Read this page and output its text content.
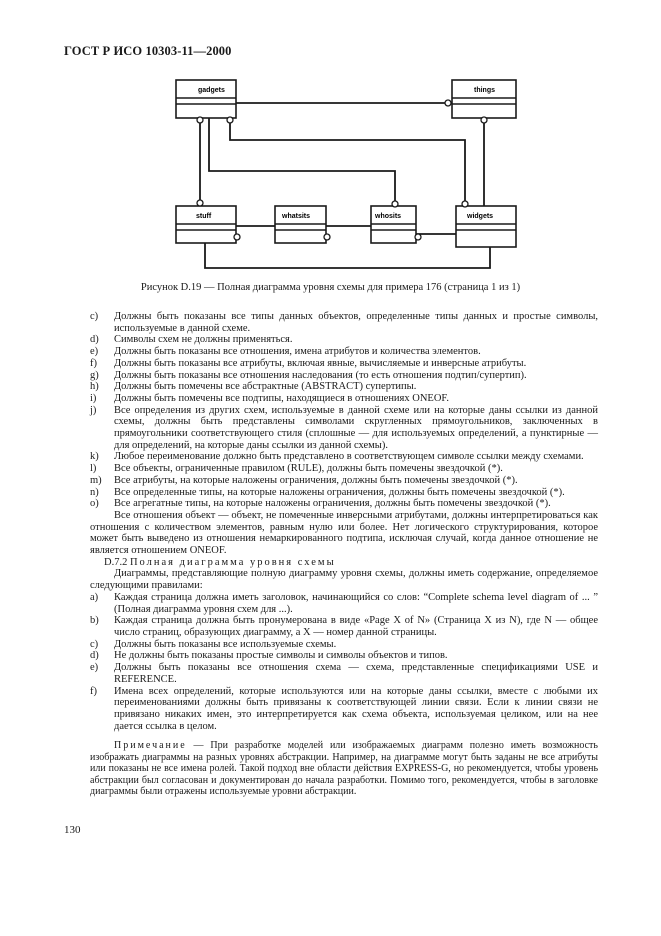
ГОСТ Р ИСО 10303-11—2000
gadgets	things
stuff	whatsits	whosits	widgets
Рисунок D.19 — Полная диаграмма уровня схемы для примера 176 (страница 1 из 1)
c)	Должны быть показаны все типы данных объектов, определенные типы данных и простые символы, используемые в данной схеме.
d)	Символы схем не должны применяться.
e)	Должны быть показаны все отношения, имена атрибутов и количества элементов.
f)	Должны быть показаны все атрибуты, включая явные, вычисляемые и инверсные атрибуты.
g)	Должны быть показаны все отношения наследования (то есть отношения подтип/супертип).
h)	Должны быть помечены все абстрактные (ABSTRACT) супертипы.
i)	Должны быть помечены все подтипы, находящиеся в отношениях ONEOF.
j)	Все определения из других схем, используемые в данной схеме или на которые даны ссылки из данной схемы, должны быть представлены символами скругленных прямоугольников, заключенных в прямоугольники соответствующего стиля (сплошные — для используемых определений, а пунктирные — для определений, на которые даны ссылки из данной схемы).
k)	Любое переименование должно быть представлено в соответствующем символе ссылки между схемами.
l)	Все объекты, ограниченные правилом (RULE), должны быть помечены звездочкой (*).
m)	Все атрибуты, на которые наложены ограничения, должны быть помечены звездочкой (*).
n)	Все определенные типы, на которые наложены ограничения, должны быть помечены звездочкой (*).
o)	Все агрегатные типы, на которые наложены ограничения, должны быть помечены звездочкой (*).
Все отношения объект — объект, не помеченные инверсными атрибутами, должны интерпретироваться как отношения с количеством элементов, равным нулю или более. Нет логического структурирования, которое может быть выведено из отношения немаркированного подтипа, исключая случай, когда данное отношение не является отношением ONEOF.
D.7.2 Полная диаграмма уровня схемы
Диаграммы, представляющие полную диаграмму уровня схемы, должны иметь содержание, определяемое следующими правилами:
a)	Каждая страница должна иметь заголовок, начинающийся со слов: “Complete schema level diagram of ... ” (Полная диаграмма уровня схем для ...).
b)	Каждая страница должна быть пронумерована в виде «Page X of N» (Страница X из N), где N — общее число страниц, образующих диаграмму, а X — номер данной страницы.
c)	Должны быть показаны все используемые схемы.
d)	Не должны быть показаны простые символы и символы объектов и типов.
e)	Должны быть показаны все отношения схема — схема, представленные спецификациями USE и REFERENCE.
f)	Имена всех определений, которые используются или на которые даны ссылки, вместе с любыми их переименованиями должны быть привязаны к соответствующей линии связи. Если к линии связи не привязано никаких имен, это интерпретируется как схема объекта, используемая целиком, или на нее дается ссылка в целом.
Примечание — При разработке моделей или изображаемых диаграмм полезно иметь возможность изображать диаграммы на разных уровнях абстракции. Например, на диаграмме могут быть заданы не все атрибуты или показаны не все имена ролей. Такой подход вне области действия EXPRESS-G, но рекомендуется, чтобы уровень абстракции был согласован и документирован до начала разработки. Помимо того, рекомендуется, чтобы в заголовке диаграммы были отражены используемые уровни абстракции.
130
